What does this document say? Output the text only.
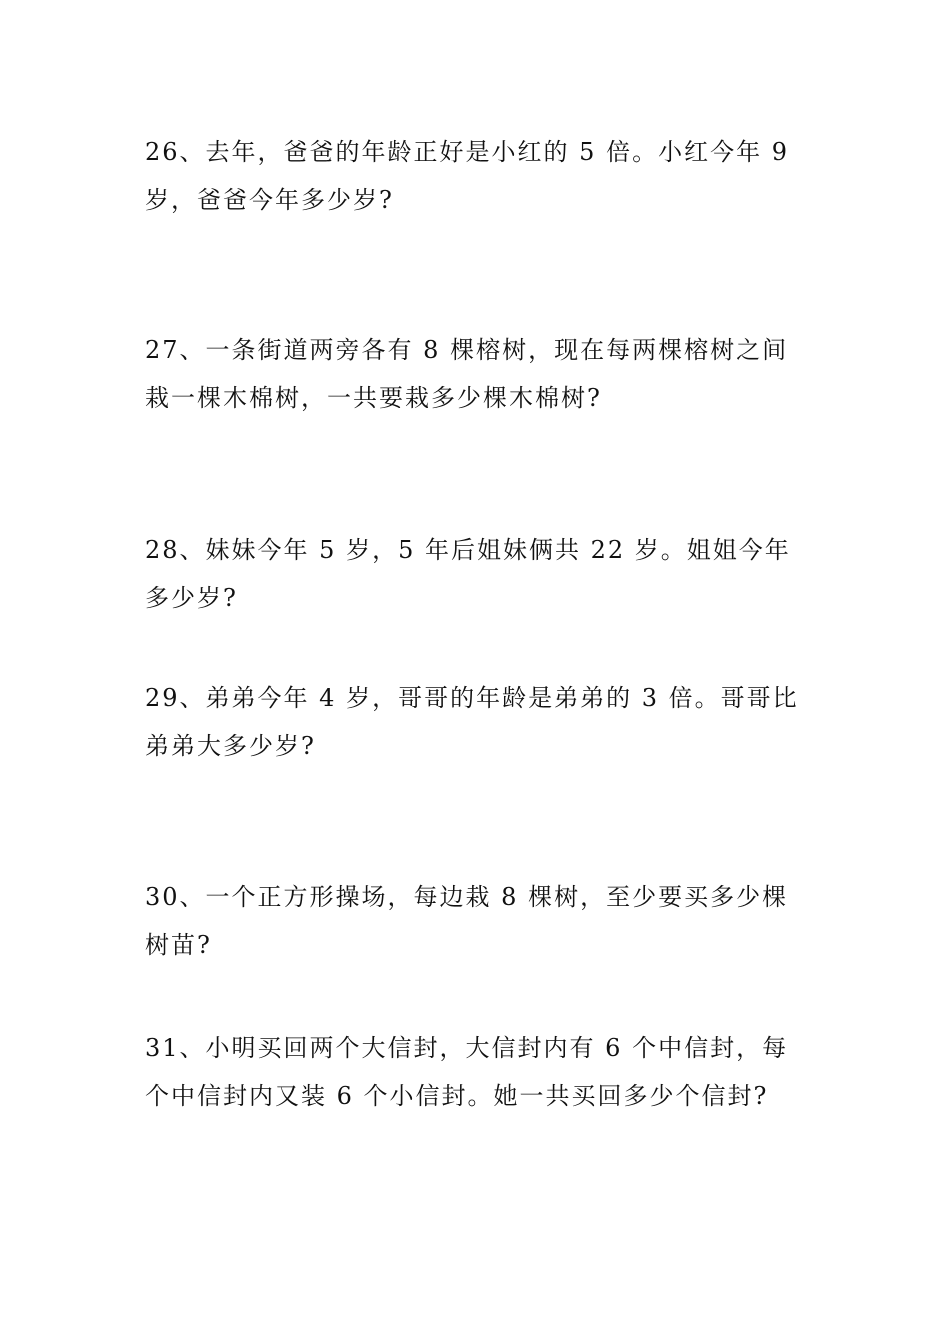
26、去年，爸爸的年龄正好是小红的 5 倍。小红今年 9 岁，爸爸今年多少岁?
27、一条街道两旁各有 8 棵榕树，现在每两棵榕树之间栽一棵木棉树，一共要栽多少棵木棉树?
28、妹妹今年 5 岁，5 年后姐妹俩共 22 岁。姐姐今年多少岁?
29、弟弟今年 4 岁，哥哥的年龄是弟弟的 3 倍。哥哥比弟弟大多少岁?
30、一个正方形操场，每边栽 8 棵树，至少要买多少棵树苗?
31、小明买回两个大信封，大信封内有 6 个中信封，每个中信封内又装 6 个小信封。她一共买回多少个信封?
